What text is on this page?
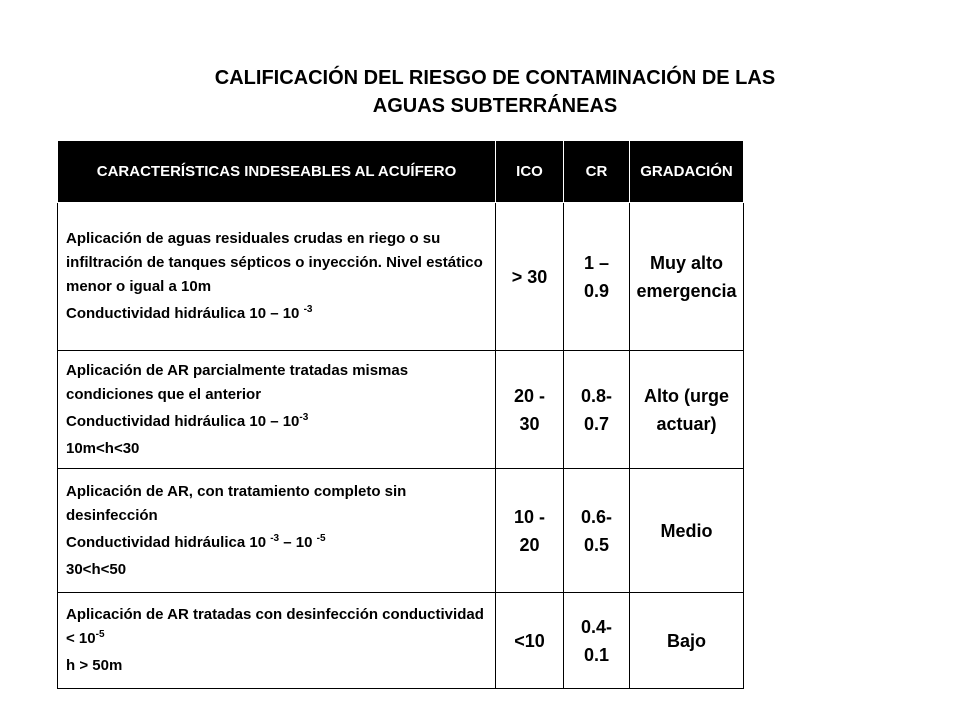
CALIFICACIÓN DEL RIESGO DE CONTAMINACIÓN DE LAS
AGUAS SUBTERRÁNEAS
CARACTERÍSTICAS INDESEABLES AL ACUÍFERO	ICO	CR	GRADACIÓN

Aplicación de aguas residuales crudas en riego o su infiltración de tanques sépticos o inyección. Nivel estático menor o igual a 10m

Conductividad hidráulica 10 – 10 $^{-3}$	> 30	1 – 0.9	Muy alto emergencia

Aplicación de AR parcialmente tratadas mismas condiciones que el anterior

Conductividad hidráulica $10 - 10^{-3}$

10m<h<30	20 - 30	0.8- 0.7	Alto (urge actuar)

Aplicación de AR, con tratamiento completo sin desinfección

Conductividad hidráulica 10 $^{-3}$ – 10 $^{-5}$

30<h<50	10 - 20	0.6-0.5	Medio

Aplicación de AR tratadas con desinfección conductividad < $10^{-5}$

h > 50m	<10	0.4-0.1	Bajo
